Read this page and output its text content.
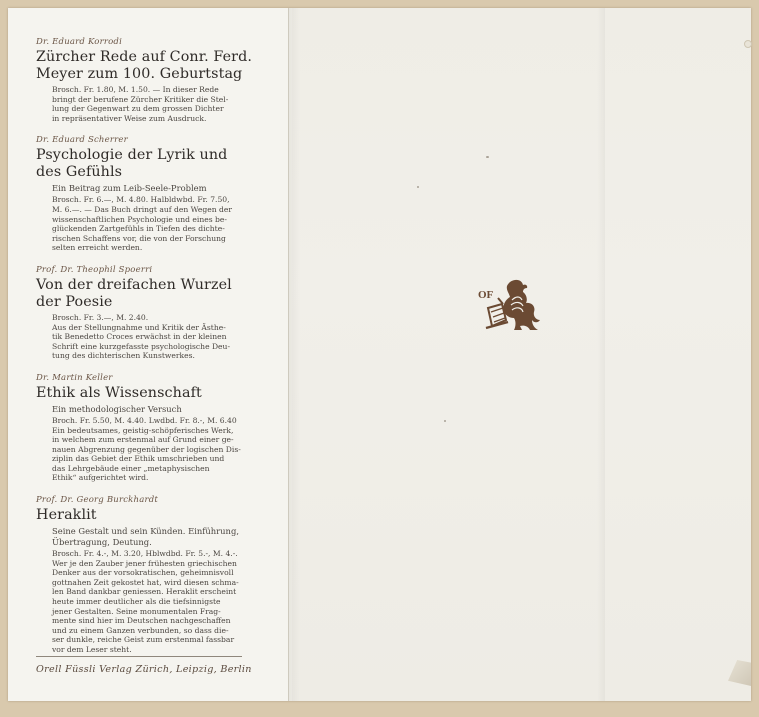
Dr. Eduard Korrodi
Zürcher Rede auf Conr. Ferd.
Meyer zum 100. Geburtstag
Brosch. Fr. 1.80, M. 1.50. — In dieser Rede
bringt der berufene Zürcher Kritiker die Stel-
lung der Gegenwart zu dem grossen Dichter
in repräsentativer Weise zum Ausdruck.
Dr. Eduard Scherrer
Psychologie der Lyrik und
des Gefühls
Ein Beitrag zum Leib-Seele-Problem
Brosch. Fr. 6.—, M. 4.80. Halbldwbd. Fr. 7.50,
M. 6.—. — Das Buch dringt auf den Wegen der
wissenschaftlichen Psychologie und eines be-
glückenden Zartgefühls in Tiefen des dichte-
rischen Schaffens vor, die von der Forschung
selten erreicht werden.
Prof. Dr. Theophil Spoerri
Von der dreifachen Wurzel
der Poesie
Brosch. Fr. 3.—, M. 2.40.
Aus der Stellungnahme und Kritik der Ästhe-
tik Benedetto Croces erwächst in der kleinen
Schrift eine kurzgefasste psychologische Deu-
tung des dichterischen Kunstwerkes.
Dr. Martin Keller
Ethik als Wissenschaft
Ein methodologischer Versuch
Broch. Fr. 5.50, M. 4.40. Lwdbd. Fr. 8.-, M. 6.40
Ein bedeutsames, geistig-schöpferisches Werk,
in welchem zum erstenmal auf Grund einer ge-
nauen Abgrenzung gegenüber der logischen Dis-
ziplin das Gebiet der Ethik umschrieben und
das Lehrgebäude einer „metaphysischen
Ethik“ aufgerichtet wird.
Prof. Dr. Georg Burckhardt
Heraklit
Seine Gestalt und sein Künden. Einführung,
Übertragung, Deutung.
Brosch. Fr. 4.-, M. 3.20, Hblwdbd. Fr. 5.-, M. 4.-.
Wer je den Zauber jener frühesten griechischen
Denker aus der vorsokratischen, geheimnisvoll
gottnahen Zeit gekostet hat, wird diesen schma-
len Band dankbar geniessen. Heraklit erscheint
heute immer deutlicher als die tiefsinnigste
jener Gestalten. Seine monumentalen Frag-
mente sind hier im Deutschen nachgeschaffen
und zu einem Ganzen verbunden, so dass die-
ser dunkle, reiche Geist zum erstenmal fassbar
vor dem Leser steht.
Orell Füssli Verlag Zürich, Leipzig, Berlin
OF
